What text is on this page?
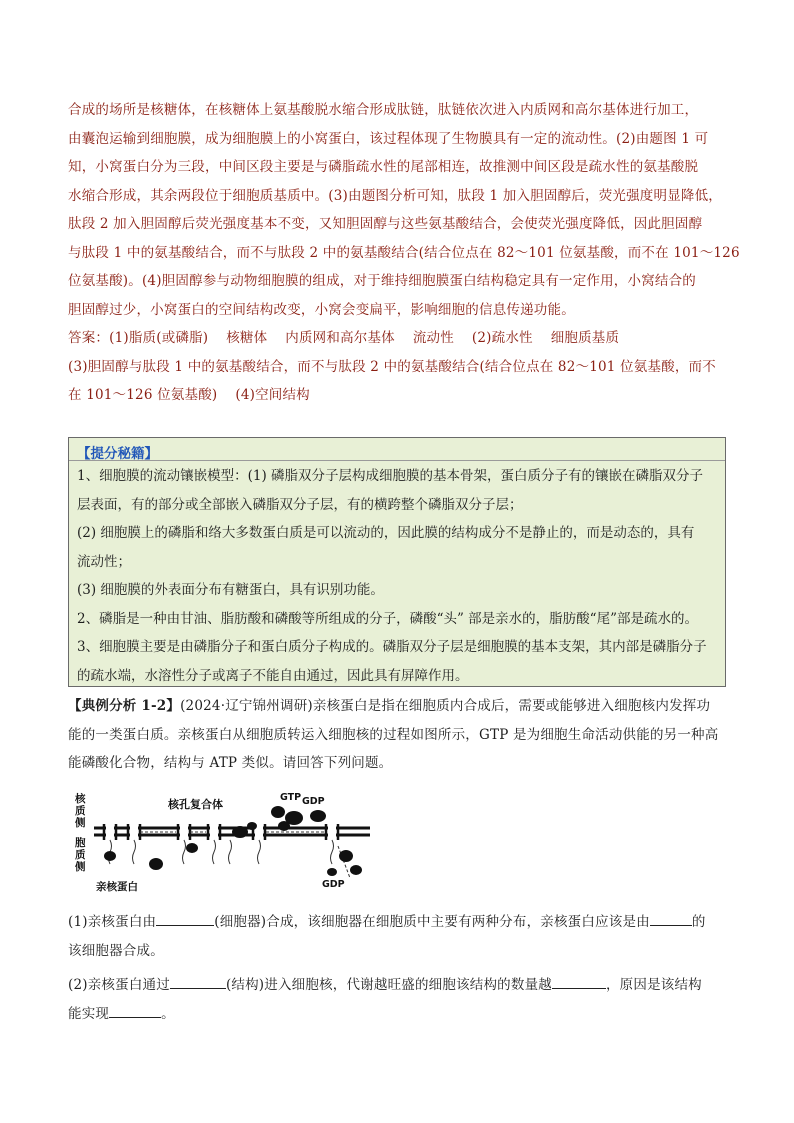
合成的场所是核糖体，在核糖体上氨基酸脱水缩合形成肽链，肽链依次进入内质网和高尔基体进行加工，
由囊泡运输到细胞膜，成为细胞膜上的小窝蛋白，该过程体现了生物膜具有一定的流动性。(2)由题图 1 可
知，小窝蛋白分为三段，中间区段主要是与磷脂疏水性的尾部相连，故推测中间区段是疏水性的氨基酸脱
水缩合形成，其余两段位于细胞质基质中。(3)由题图分析可知，肽段 1 加入胆固醇后，荧光强度明显降低，
肽段 2 加入胆固醇后荧光强度基本不变，又知胆固醇与这些氨基酸结合，会使荧光强度降低，因此胆固醇
与肽段 1 中的氨基酸结合，而不与肽段 2 中的氨基酸结合(结合位点在 82～101 位氨基酸，而不在 101～126
位氨基酸)。(4)胆固醇参与动物细胞膜的组成，对于维持细胞膜蛋白结构稳定具有一定作用，小窝结合的
胆固醇过少，小窝蛋白的空间结构改变，小窝会变扁平，影响细胞的信息传递功能。
答案：(1)脂质(或磷脂)    核糖体    内质网和高尔基体    流动性    (2)疏水性    细胞质基质
(3)胆固醇与肽段 1 中的氨基酸结合，而不与肽段 2 中的氨基酸结合(结合位点在 82～101 位氨基酸，而不
在 101～126 位氨基酸)    (4)空间结构
【提分秘籍】
1、细胞膜的流动镶嵌模型：(1) 磷脂双分子层构成细胞膜的基本骨架，蛋白质分子有的镶嵌在磷脂双分子
层表面，有的部分或全部嵌入磷脂双分子层，有的横跨整个磷脂双分子层；
(2) 细胞膜上的磷脂和络大多数蛋白质是可以流动的，因此膜的结构成分不是静止的，而是动态的，具有
流动性；
(3) 细胞膜的外表面分布有糖蛋白，具有识别功能。
2、磷脂是一种由甘油、脂肪酸和磷酸等所组成的分子，磷酸“头” 部是亲水的，脂肪酸“尾”部是疏水的。
3、细胞膜主要是由磷脂分子和蛋白质分子构成的。磷脂双分子层是细胞膜的基本支架，其内部是磷脂分子
的疏水端，水溶性分子或离子不能自由通过，因此具有屏障作用。
【典例分析 1-2】(2024·辽宁锦州调研)亲核蛋白是指在细胞质内合成后，需要或能够进入细胞核内发挥功
能的一类蛋白质。亲核蛋白从细胞质转运入细胞核的过程如图所示，GTP 是为细胞生命活动供能的另一种高
能磷酸化合物，结构与 ATP 类似。请回答下列问题。
核
质
侧
胞
质
侧
核孔复合体
亲核蛋白
GTP GDP
GDP
(1)亲核蛋白由	(细胞器)合成，该细胞器在细胞质中主要有两种分布，亲核蛋白应该是由	的
该细胞器合成。
(2)亲核蛋白通过	(结构)进入细胞核，代谢越旺盛的细胞该结构的数量越	，原因是该结构
能实现	。
